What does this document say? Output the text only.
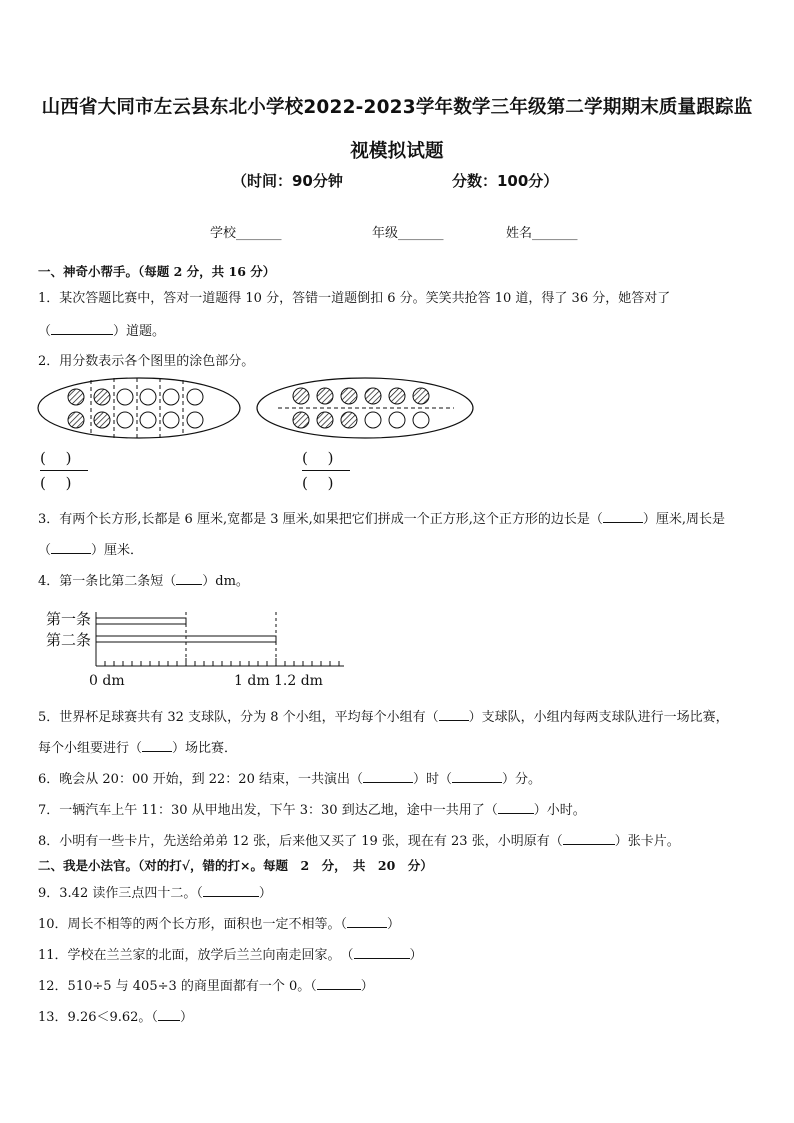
山西省大同市左云县东北小学校2022-2023学年数学三年级第二学期期末质量跟踪监
视模拟试题
（时间：90分钟	分数：100分）
学校_______	年级_______	姓名_______
一、神奇小帮手。（每题 2 分，共 16 分）
1．某次答题比赛中，答对一道题得 10 分，答错一道题倒扣 6 分。笑笑共抢答 10 道，得了 36 分，她答对了
（	）道题。
2．用分数表示各个图里的涂色部分。
(　 )
(　 )
(　 )
(　 )
3．有两个长方形,长都是 6 厘米,宽都是 3 厘米,如果把它们拼成一个正方形,这个正方形的边长是（	）厘米,周长是
（	）厘米．
4．第一条比第二条短（ ）dm。
第一条
第二条
0 dm	1 dm 1.2 dm
5．世界杯足球赛共有 32 支球队，分为 8 个小组，平均每个小组有（ ）支球队，小组内每两支球队进行一场比赛，
每个小组要进行（ ）场比赛．
6．晚会从 20：00 开始，到 22：20 结束，一共演出（	）时（	）分。
7．一辆汽车上午 11：30 从甲地出发，下午 3：30 到达乙地，途中一共用了（	）小时。
8．小明有一些卡片，先送给弟弟 12 张，后来他又买了 19 张，现在有 23 张，小明原有（	）张卡片。
二、我是小法官。（对的打√，错的打×。每题　2　分，　共　20　分）
9．3.42 读作三点四十二。（	）
10．周长不相等的两个长方形，面积也一定不相等。（	）
11．学校在兰兰家的北面，放学后兰兰向南走回家。　（	）
12．510÷5 与 405÷3 的商里面都有一个 0。（	）
13．9.26＜9.62。（ ）
